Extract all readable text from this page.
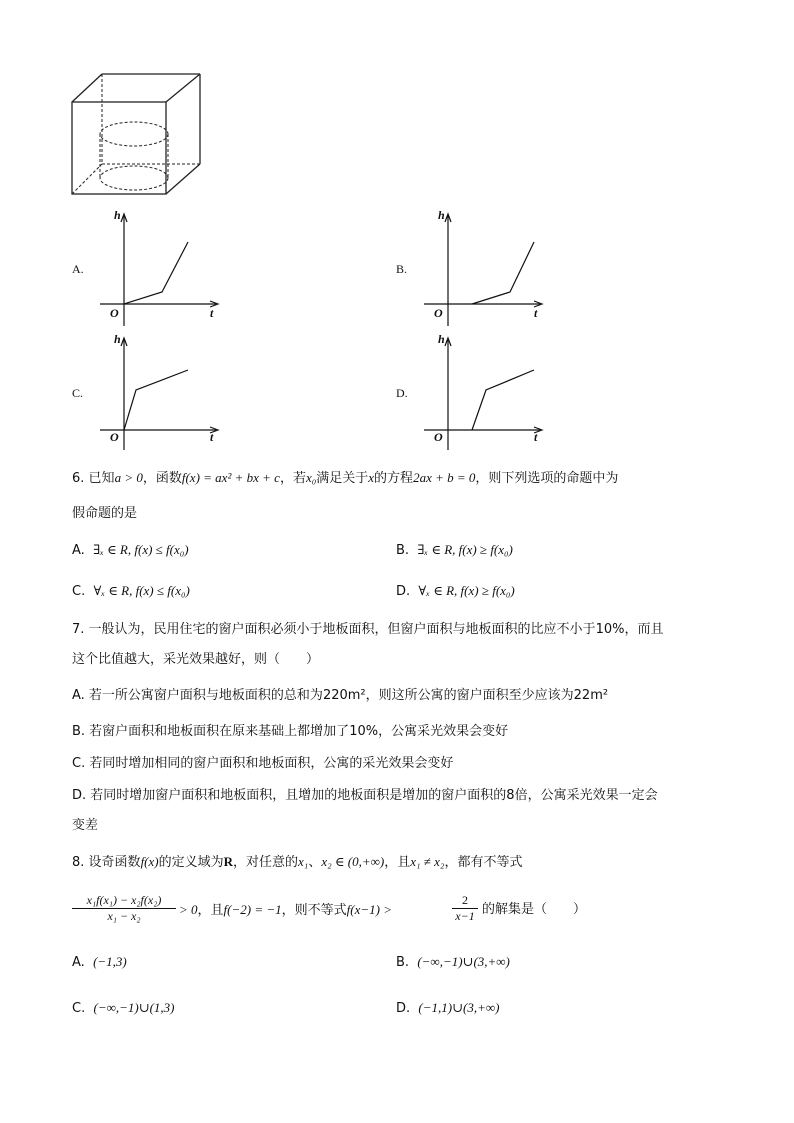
A.
h
t
O
B.
h
t
O
C.
h
t
O
D.
h
t
O
6. 已知a > 0，函数f(x) = ax² + bx + c，若x₀满足关于x的方程2ax + b = 0，则下列选项的命题中为
假命题的是
A. ∃ₓ ∈ R, f(x) ≤ f(x₀)	B. ∃ₓ ∈ R, f(x) ≥ f(x₀)
C. ∀ₓ ∈ R, f(x) ≤ f(x₀)	D. ∀ₓ ∈ R, f(x) ≥ f(x₀)
7. 一般认为，民用住宅的窗户面积必须小于地板面积，但窗户面积与地板面积的比应不小于10%，而且
这个比值越大，采光效果越好，则（　　）
A. 若一所公寓窗户面积与地板面积的总和为220m²，则这所公寓的窗户面积至少应该为22m²
B. 若窗户面积和地板面积在原来基础上都增加了10%，公寓采光效果会变好
C. 若同时增加相同的窗户面积和地板面积，公寓的采光效果会变好
D. 若同时增加窗户面积和地板面积，且增加的地板面积是增加的窗户面积的8倍，公寓采光效果一定会
变差
8. 设奇函数f(x)的定义域为R，对任意的x₁、x₂ ∈ (0,+∞)，且x₁ ≠ x₂，都有不等式
x₁f(x₁) − x₂f(x₂)
x₁ − x₂	> 0，且f(−2) = −1，则不等式f(x−1) >
2
x−1 的解集是（　　）
A. (−1,3)	B. (−∞,−1)∪(3,+∞)
C. (−∞,−1)∪(1,3)	D. (−1,1)∪(3,+∞)
